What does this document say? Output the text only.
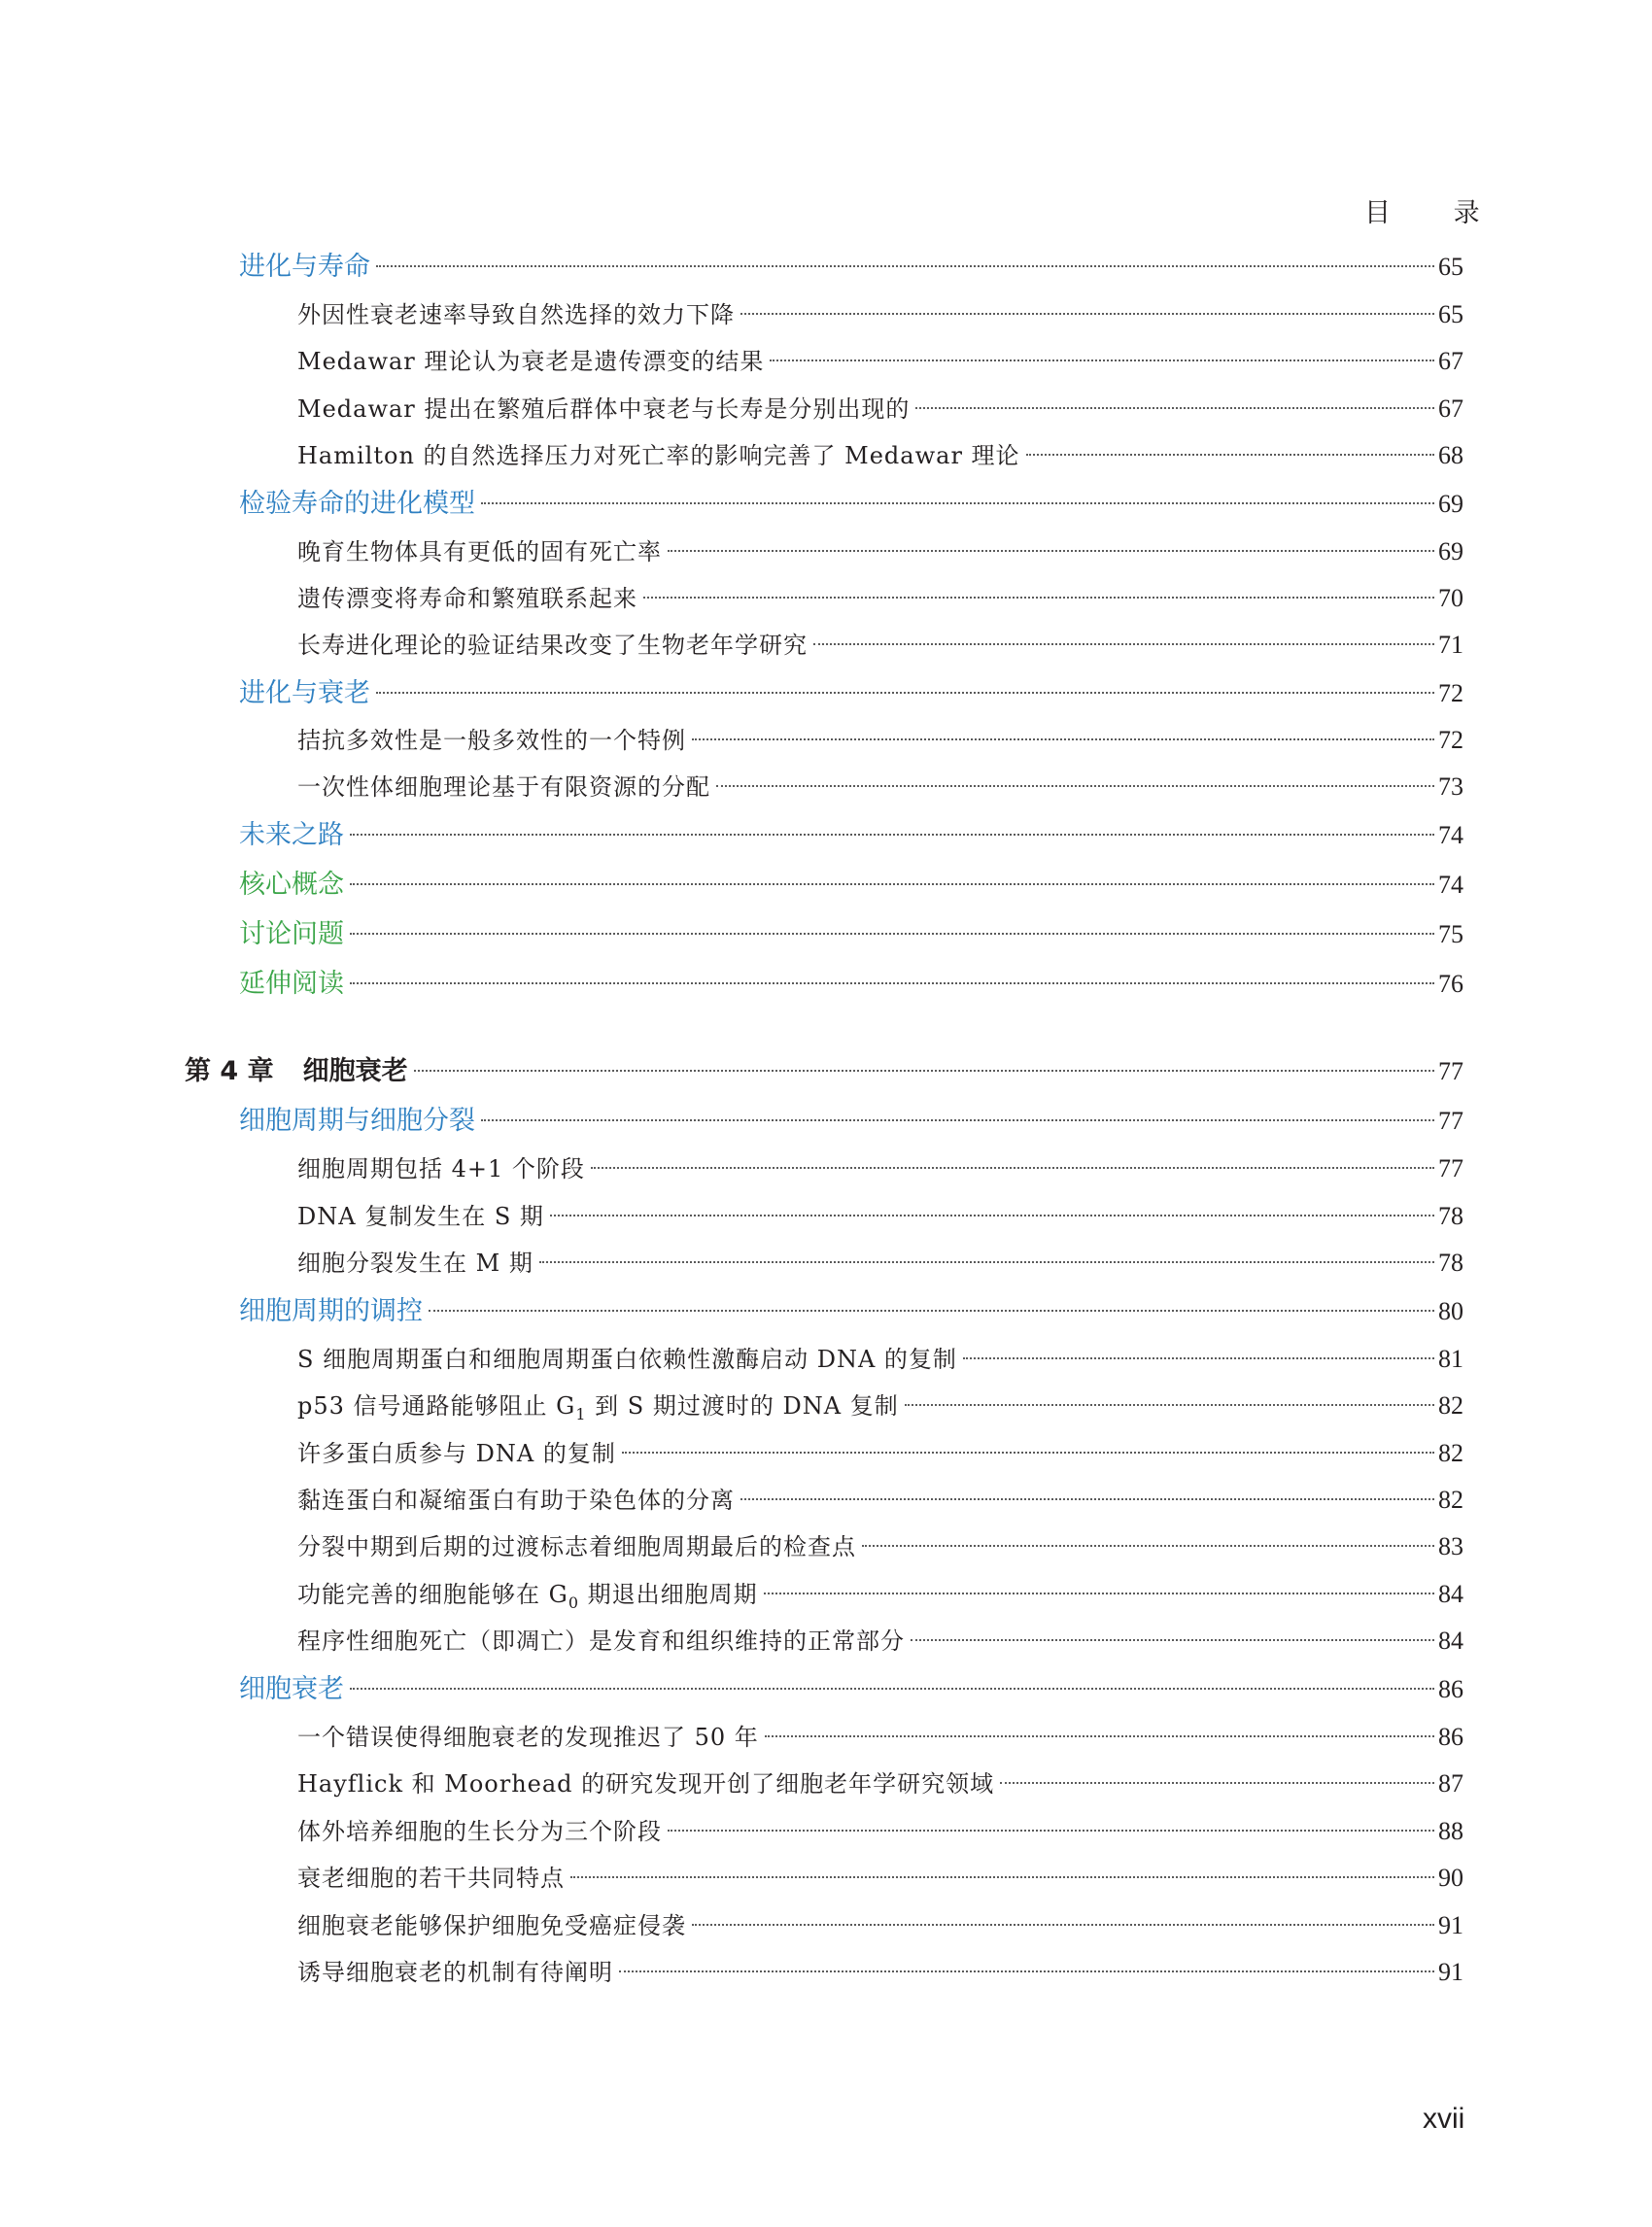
目 录
进化与寿命	65
外因性衰老速率导致自然选择的效力下降	65
Medawar 理论认为衰老是遗传漂变的结果	67
Medawar 提出在繁殖后群体中衰老与长寿是分别出现的	67
Hamilton 的自然选择压力对死亡率的影响完善了 Medawar 理论	68
检验寿命的进化模型	69
晚育生物体具有更低的固有死亡率	69
遗传漂变将寿命和繁殖联系起来	70
长寿进化理论的验证结果改变了生物老年学研究	71
进化与衰老	72
拮抗多效性是一般多效性的一个特例	72
一次性体细胞理论基于有限资源的分配	73
未来之路	74
核心概念	74
讨论问题	75
延伸阅读	76
第 4 章 细胞衰老	77
细胞周期与细胞分裂	77
细胞周期包括 4+1 个阶段	77
DNA 复制发生在 S 期	78
细胞分裂发生在 M 期	78
细胞周期的调控	80
S 细胞周期蛋白和细胞周期蛋白依赖性激酶启动 DNA 的复制	81
p53 信号通路能够阻止 $G_1$ 到 S 期过渡时的 DNA 复制	82
许多蛋白质参与 DNA 的复制	82
黏连蛋白和凝缩蛋白有助于染色体的分离	82
分裂中期到后期的过渡标志着细胞周期最后的检查点	83
功能完善的细胞能够在 $G_0$ 期退出细胞周期	84
程序性细胞死亡（即凋亡）是发育和组织维持的正常部分	84
细胞衰老	86
一个错误使得细胞衰老的发现推迟了 50 年	86
Hayflick 和 Moorhead 的研究发现开创了细胞老年学研究领域	87
体外培养细胞的生长分为三个阶段	88
衰老细胞的若干共同特点	90
细胞衰老能够保护细胞免受癌症侵袭	91
诱导细胞衰老的机制有待阐明	91
xvii
